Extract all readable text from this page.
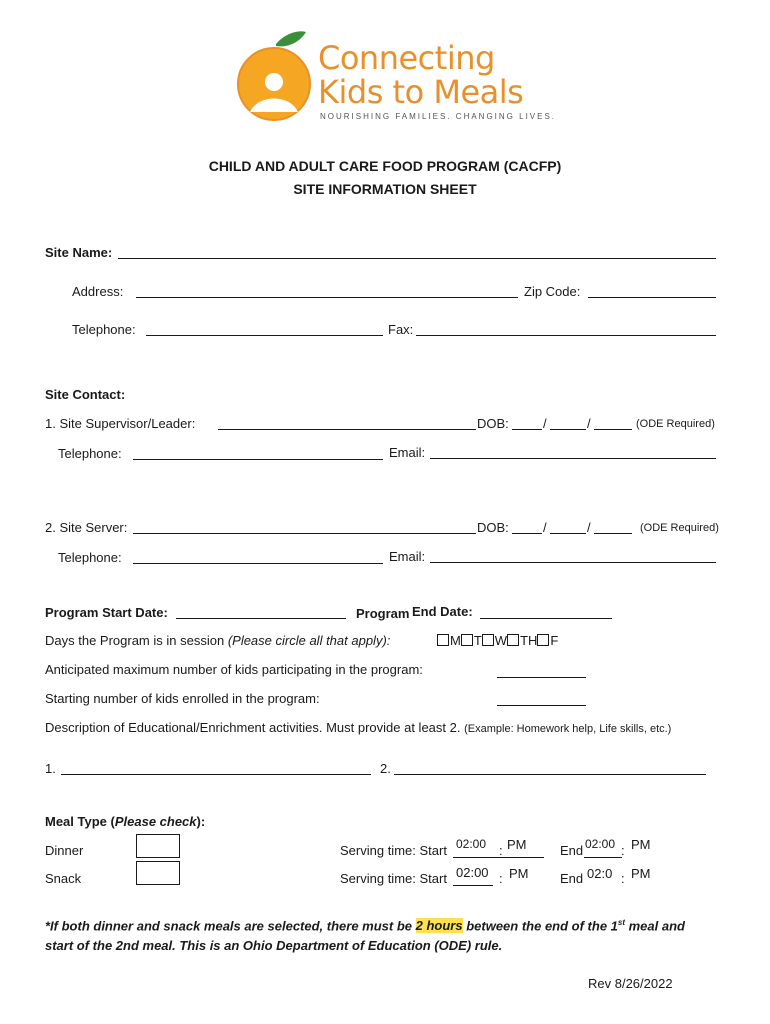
Connecting
Kids to Meals
NOURISHING FAMILIES. CHANGING LIVES.
CHILD AND ADULT CARE FOOD PROGRAM (CACFP)
SITE INFORMATION SHEET
Site Name:
Address:	Zip Code:
Telephone:	Fax:
Site Contact:
1. Site Supervisor/Leader:	DOB:	/	/	(ODE Required)
Telephone:	Email:
2. Site Server:	DOB:	/	/	(ODE Required)
Telephone:	Email:
Program Start Date:	Program End Date:
Days the Program is in session (Please circle all that apply):	M T W TH F
Anticipated maximum number of kids participating in the program:
Starting number of kids enrolled in the program:
Description of Educational/Enrichment activities. Must provide at least 2. (Example: Homework help, Life skills, etc.)
1.	2.
Meal Type (Please check):
Dinner	Serving time: Start 02:00 : PM	End 02:00 : PM
Snack	Serving time: Start 02:00 : PM End 02:0 : PM
*If both dinner and snack meals are selected, there must be 2 hours between the end of the 1st meal and
start of the 2nd meal. This is an Ohio Department of Education (ODE) rule.
Rev 8/26/2022
